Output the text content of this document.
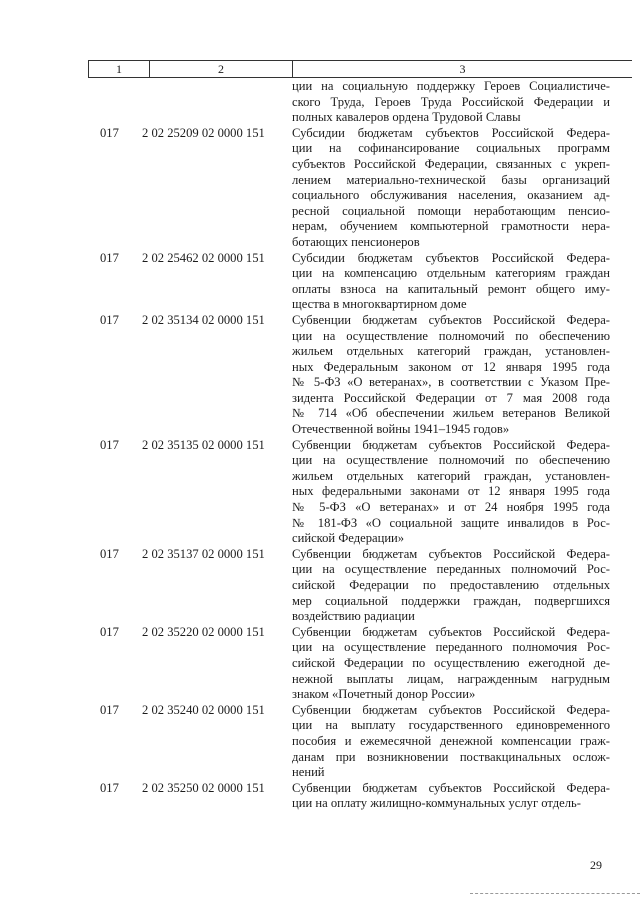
1	2	3
ции на социальную поддержку Героев Социалистиче-
ского Труда, Героев Труда Российской Федерации и
полных кавалеров ордена Трудовой Славы
017	2 02 25209 02 0000 151	Субсидии бюджетам субъектов Российской Федера-
ции на софинансирование социальных программ
субъектов Российской Федерации, связанных с укреп-
лением материально-технической базы организаций
социального обслуживания населения, оказанием ад-
ресной социальной помощи неработающим пенсио-
нерам, обучением компьютерной грамотности нера-
ботающих пенсионеров
017	2 02 25462 02 0000 151	Субсидии бюджетам субъектов Российской Федера-
ции на компенсацию отдельным категориям граждан
оплаты взноса на капитальный ремонт общего иму-
щества в многоквартирном доме
017	2 02 35134 02 0000 151	Субвенции бюджетам субъектов Российской Федера-
ции на осуществление полномочий по обеспечению
жильем отдельных категорий граждан, установлен-
ных Федеральным законом от 12 января 1995 года
№ 5-ФЗ «О ветеранах», в соответствии с Указом Пре-
зидента Российской Федерации от 7 мая 2008 года
№ 714 «Об обеспечении жильем ветеранов Великой
Отечественной войны 1941–1945 годов»
017	2 02 35135 02 0000 151	Субвенции бюджетам субъектов Российской Федера-
ции на осуществление полномочий по обеспечению
жильем отдельных категорий граждан, установлен-
ных федеральными законами от 12 января 1995 года
№ 5-ФЗ «О ветеранах» и от 24 ноября 1995 года
№ 181-ФЗ «О социальной защите инвалидов в Рос-
сийской Федерации»
017	2 02 35137 02 0000 151	Субвенции бюджетам субъектов Российской Федера-
ции на осуществление переданных полномочий Рос-
сийской Федерации по предоставлению отдельных
мер социальной поддержки граждан, подвергшихся
воздействию радиации
017	2 02 35220 02 0000 151	Субвенции бюджетам субъектов Российской Федера-
ции на осуществление переданного полномочия Рос-
сийской Федерации по осуществлению ежегодной де-
нежной выплаты лицам, награжденным нагрудным
знаком «Почетный донор России»
017	2 02 35240 02 0000 151	Субвенции бюджетам субъектов Российской Федера-
ции на выплату государственного единовременного
пособия и ежемесячной денежной компенсации граж-
данам при возникновении поствакцинальных ослож-
нений
017	2 02 35250 02 0000 151	Субвенции бюджетам субъектов Российской Федера-
ции на оплату жилищно-коммунальных услуг отдель-
29
